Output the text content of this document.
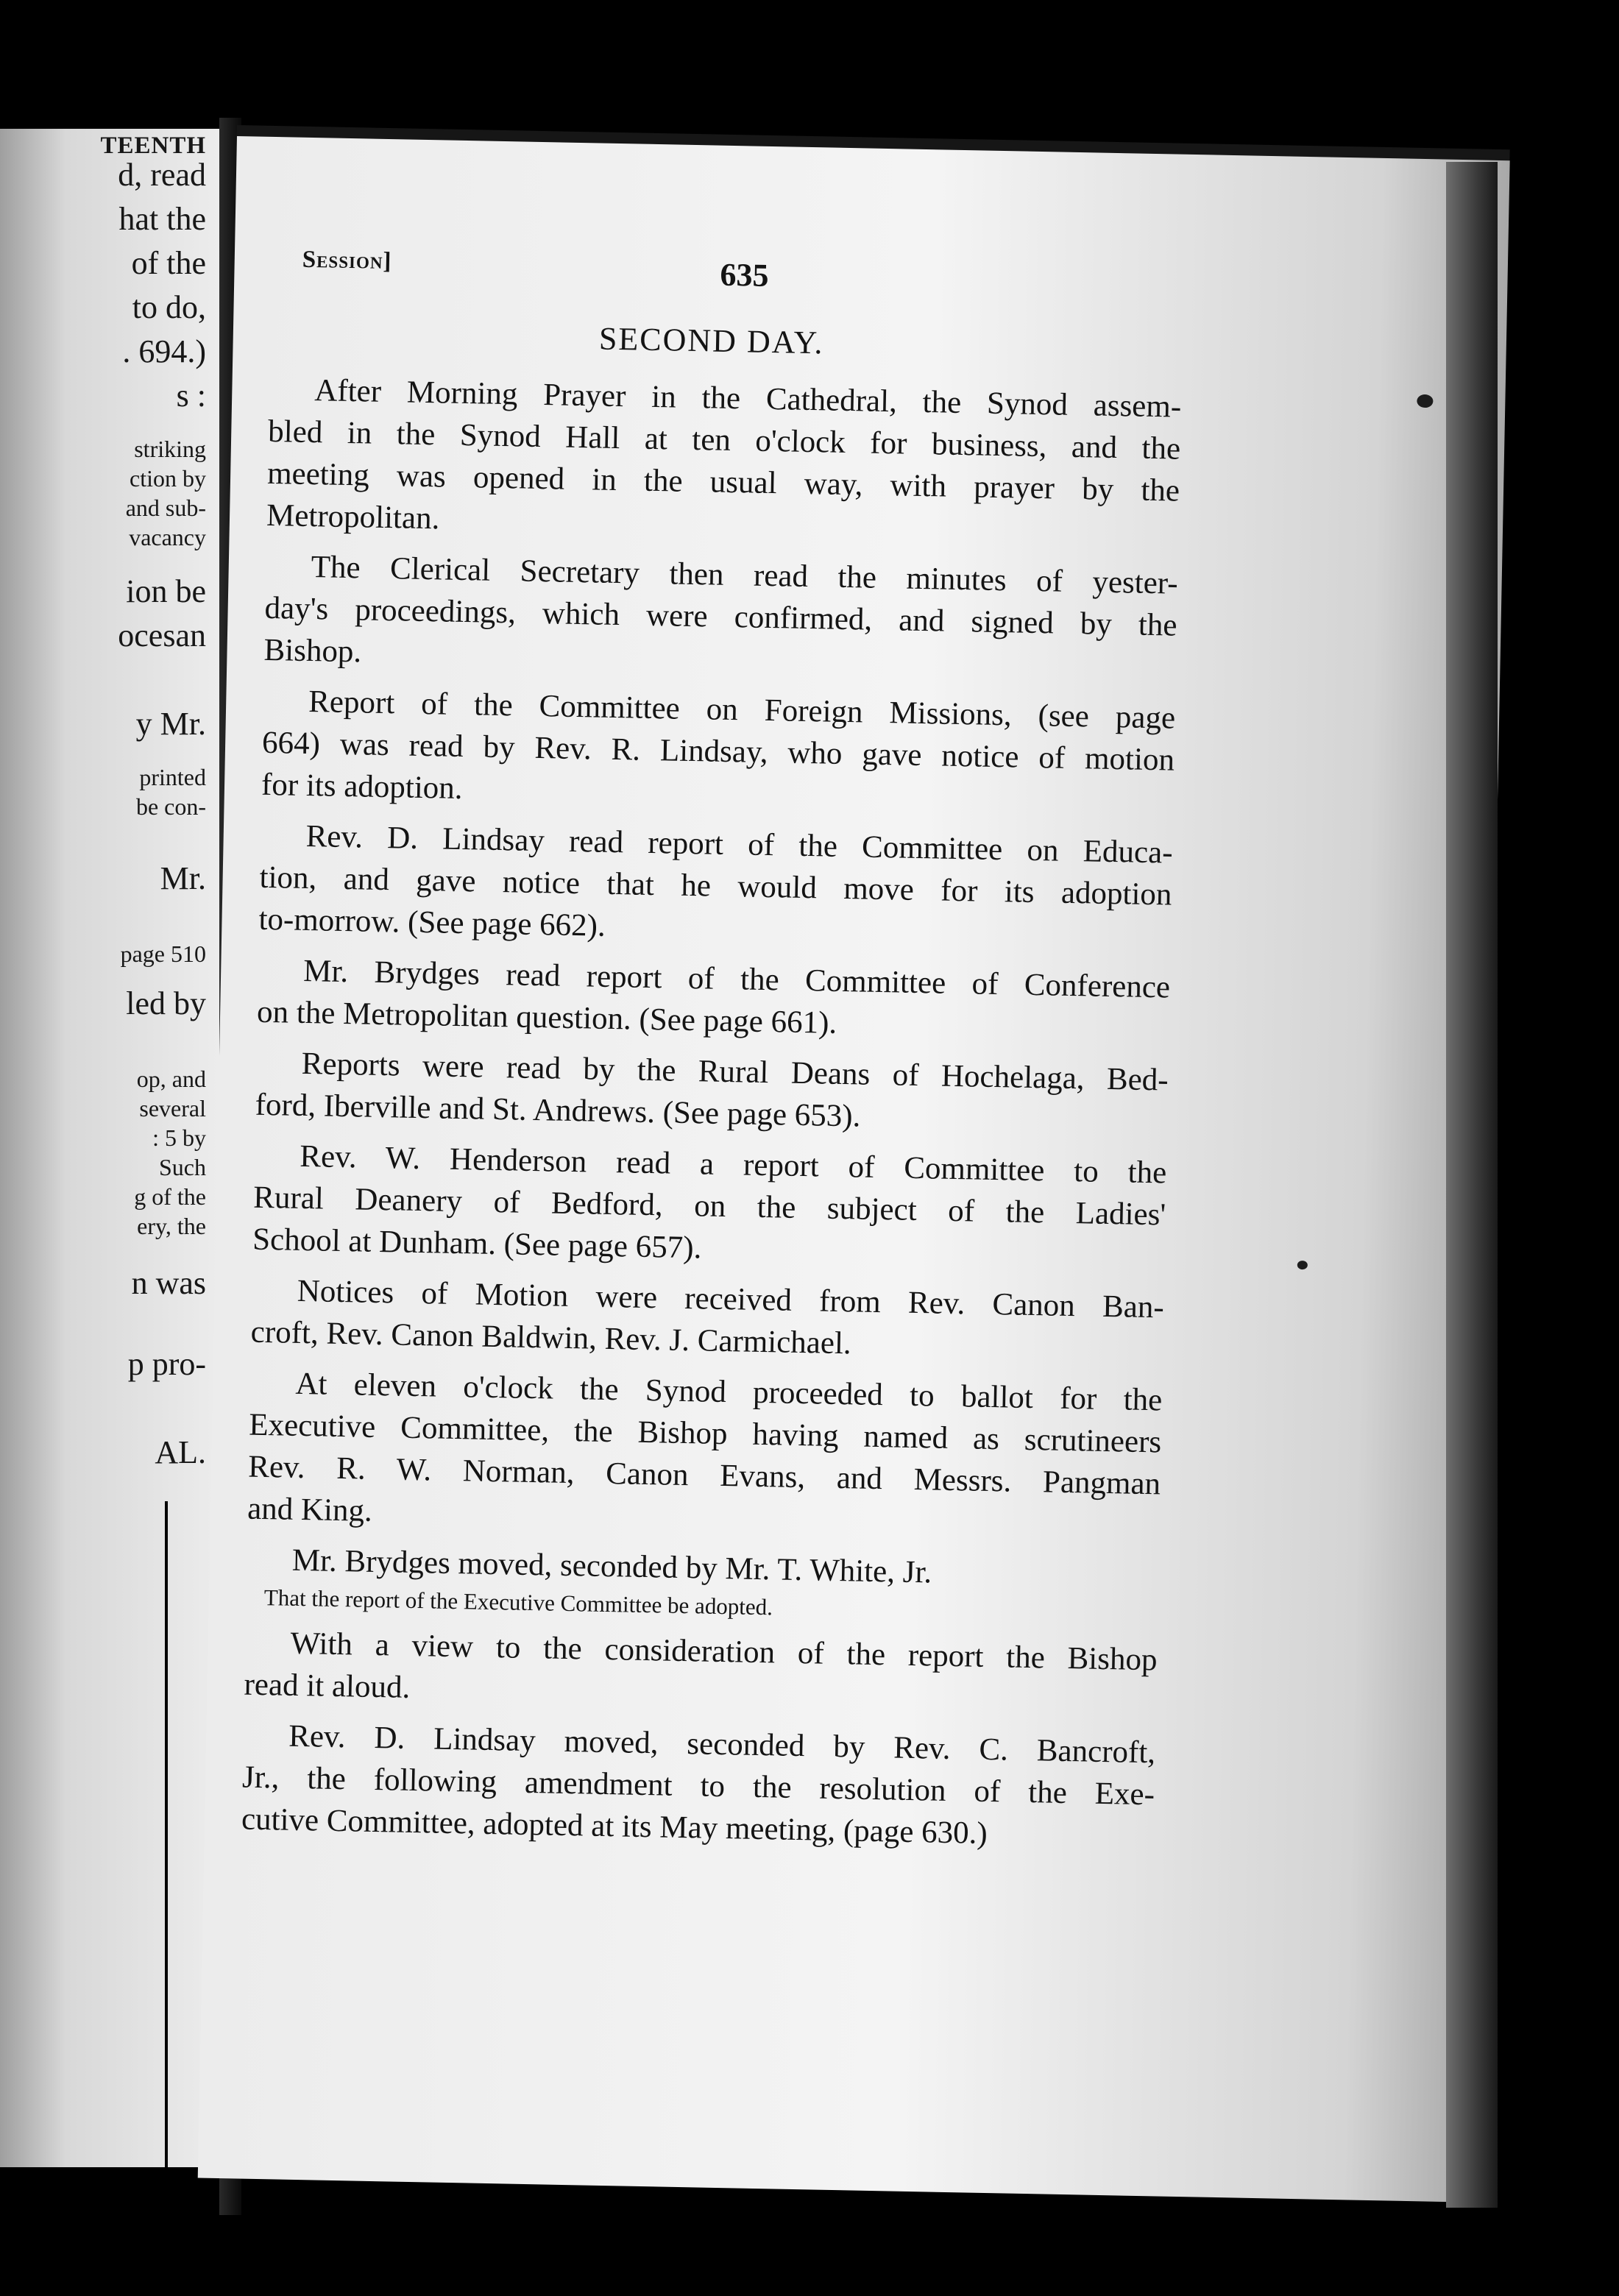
TEENTH
d, read
hat the
of the
to do,
. 694.)
s :
striking
ction by
and sub-
vacancy
ion be
ocesan
y Mr.
printed
be con-
Mr.
page 510
led by
op, and
several
: 5 by
Such
g of the
ery, the
n was
p pro-
AL.
Session]	635
SECOND DAY.
After Morning Prayer in the Cathedral, the Synod assem-
bled in the Synod Hall at ten o'clock for business, and the
meeting was opened in the usual way, with prayer by the
Metropolitan.
The Clerical Secretary then read the minutes of yester-
day's proceedings, which were confirmed, and signed by the
Bishop.
Report of the Committee on Foreign Missions, (see page
664) was read by Rev. R. Lindsay, who gave notice of motion
for its adoption.
Rev. D. Lindsay read report of the Committee on Educa-
tion, and gave notice that he would move for its adoption
to-morrow. (See page 662).
Mr. Brydges read report of the Committee of Conference
on the Metropolitan question. (See page 661).
Reports were read by the Rural Deans of Hochelaga, Bed-
ford, Iberville and St. Andrews. (See page 653).
Rev. W. Henderson read a report of Committee to the
Rural Deanery of Bedford, on the subject of the Ladies'
School at Dunham. (See page 657).
Notices of Motion were received from Rev. Canon Ban-
croft, Rev. Canon Baldwin, Rev. J. Carmichael.
At eleven o'clock the Synod proceeded to ballot for the
Executive Committee, the Bishop having named as scrutineers
Rev. R. W. Norman, Canon Evans, and Messrs. Pangman
and King.
Mr. Brydges moved, seconded by Mr. T. White, Jr.
That the report of the Executive Committee be adopted.
With a view to the consideration of the report the Bishop
read it aloud.
Rev. D. Lindsay moved, seconded by Rev. C. Bancroft,
Jr., the following amendment to the resolution of the Exe-
cutive Committee, adopted at its May meeting, (page 630.)
